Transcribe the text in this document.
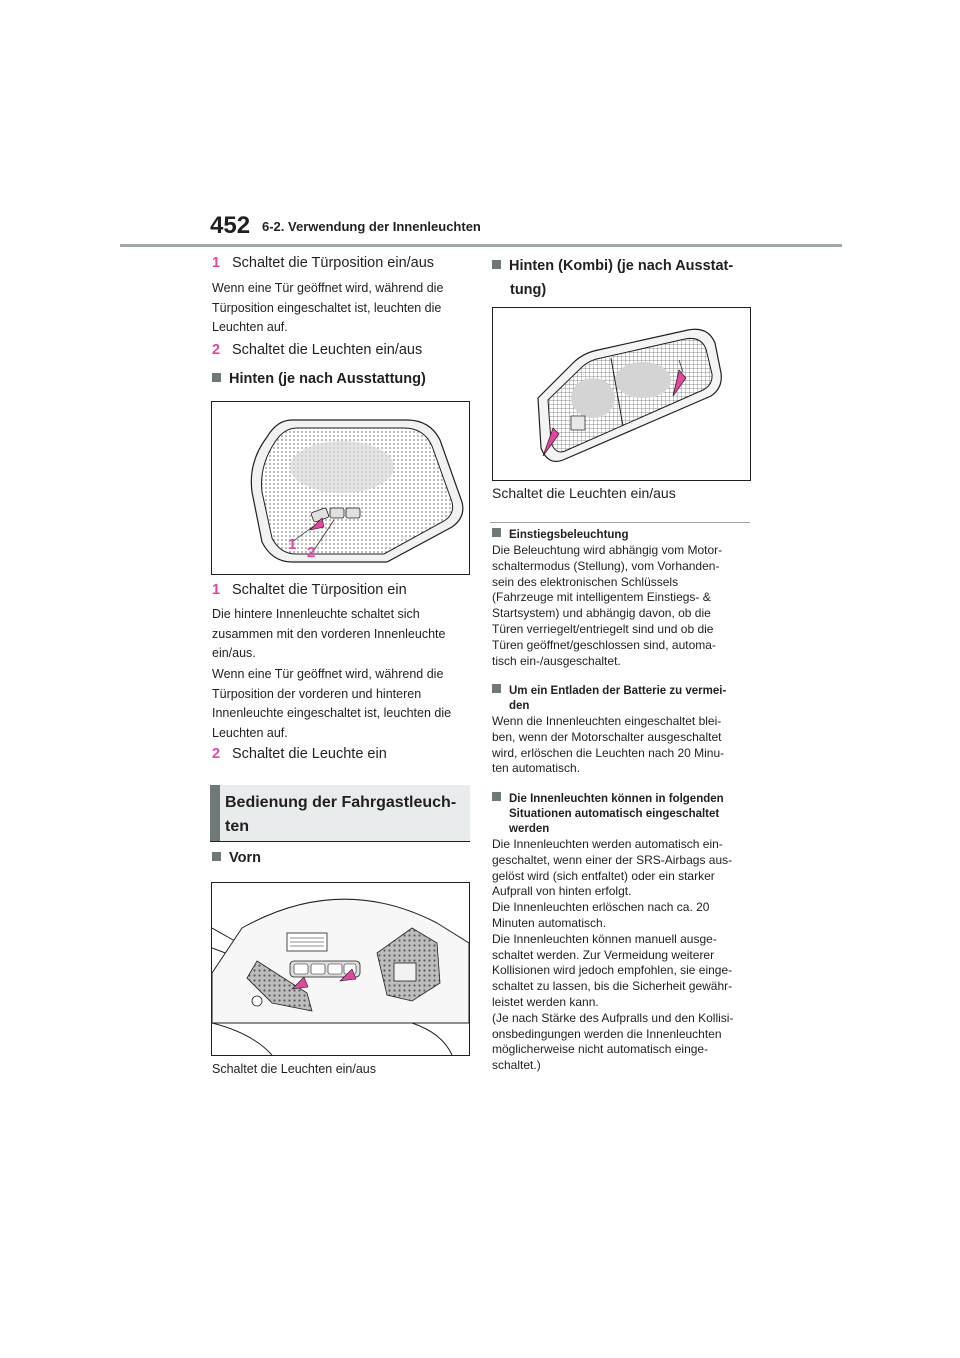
452 6-2. Verwendung der Innenleuchten
1 Schaltet die Türposition ein/aus
Wenn eine Tür geöffnet wird, während die
Türposition eingeschaltet ist, leuchten die
Leuchten auf.
2 Schaltet die Leuchten ein/aus
Hinten (je nach Ausstattung)
1 2
1 Schaltet die Türposition ein
Die hintere Innenleuchte schaltet sich
zusammen mit den vorderen Innenleuchte
ein/aus.
Wenn eine Tür geöffnet wird, während die
Türposition der vorderen und hinteren
Innenleuchte eingeschaltet ist, leuchten die
Leuchten auf.
2 Schaltet die Leuchte ein
Bedienung der Fahrgastleuch-
ten
Vorn
Schaltet die Leuchten ein/aus
Hinten (Kombi) (je nach Ausstat-
tung)
Schaltet die Leuchten ein/aus
Einstiegsbeleuchtung
Die Beleuchtung wird abhängig vom Motor-
schaltermodus (Stellung), vom Vorhanden-
sein des elektronischen Schlüssels
(Fahrzeuge mit intelligentem Einstiegs- &
Startsystem) und abhängig davon, ob die
Türen verriegelt/entriegelt sind und ob die
Türen geöffnet/geschlossen sind, automa-
tisch ein-/ausgeschaltet.
Um ein Entladen der Batterie zu vermei-
den
Wenn die Innenleuchten eingeschaltet blei-
ben, wenn der Motorschalter ausgeschaltet
wird, erlöschen die Leuchten nach 20 Minu-
ten automatisch.
Die Innenleuchten können in folgenden
Situationen automatisch eingeschaltet
werden
Die Innenleuchten werden automatisch ein-
geschaltet, wenn einer der SRS-Airbags aus-
gelöst wird (sich entfaltet) oder ein starker
Aufprall von hinten erfolgt.
Die Innenleuchten erlöschen nach ca. 20
Minuten automatisch.
Die Innenleuchten können manuell ausge-
schaltet werden. Zur Vermeidung weiterer
Kollisionen wird jedoch empfohlen, sie einge-
schaltet zu lassen, bis die Sicherheit gewähr-
leistet werden kann.
(Je nach Stärke des Aufpralls und den Kollisi-
onsbedingungen werden die Innenleuchten
möglicherweise nicht automatisch einge-
schaltet.)
